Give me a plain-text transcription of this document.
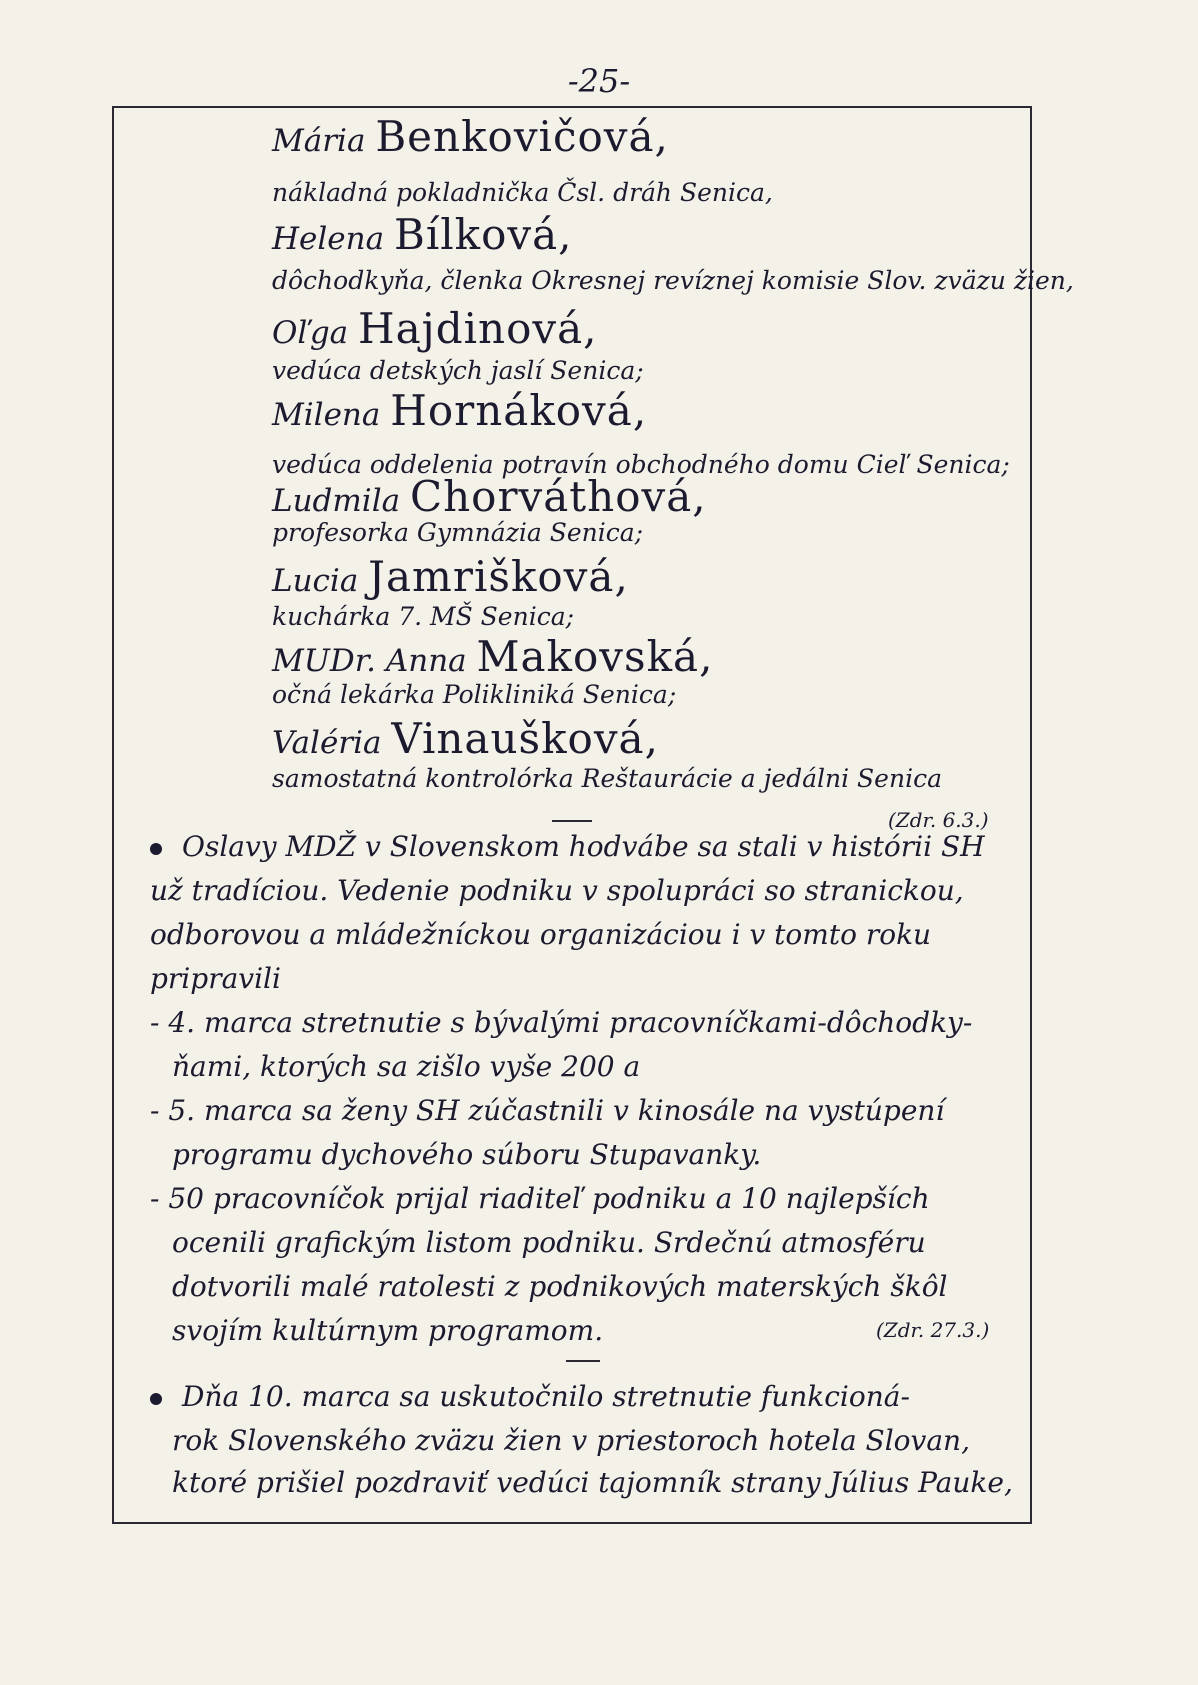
-25-
Mária Benkovičová,
nákladná pokladnička Čsl. dráh Senica,
Helena Bílková,
dôchodkyňa, členka Okresnej revíznej komisie Slov. zväzu žien,
Oľga Hajdinová,
vedúca detských jaslí Senica;
Milena Hornáková,
vedúca oddelenia potravín obchodného domu Cieľ Senica;
Ludmila Chorváthová,
profesorka Gymnázia Senica;
Lucia Jamrišková,
kuchárka 7. MŠ Senica;
MUDr. Anna Makovská,
očná lekárka Polikliniká Senica;
Valéria Vinaušková,
samostatná kontrolórka Reštaurácie a jedálni Senica
(Zdr. 6.3.)
Oslavy MDŽ v Slovenskom hodvábe sa stali v histórii SH
už tradíciou. Vedenie podniku v spolupráci so stranickou,
odborovou a mládežníckou organizáciou i v tomto roku
pripravili
- 4. marca stretnutie s bývalými pracovníčkami-dôchodky-
ňami, ktorých sa zišlo vyše 200 a
- 5. marca sa ženy SH zúčastnili v kinosále na vystúpení
programu dychového súboru Stupavanky.
- 50 pracovníčok prijal riaditeľ podniku a 10 najlepších
ocenili grafickým listom podniku. Srdečnú atmosféru
dotvorili malé ratolesti z podnikových materských škôl
svojím kultúrnym programom.	(Zdr. 27.3.)
Dňa 10. marca sa uskutočnilo stretnutie funkcioná-
rok Slovenského zväzu žien v priestoroch hotela Slovan,
ktoré prišiel pozdraviť vedúci tajomník strany Július Pauke,
